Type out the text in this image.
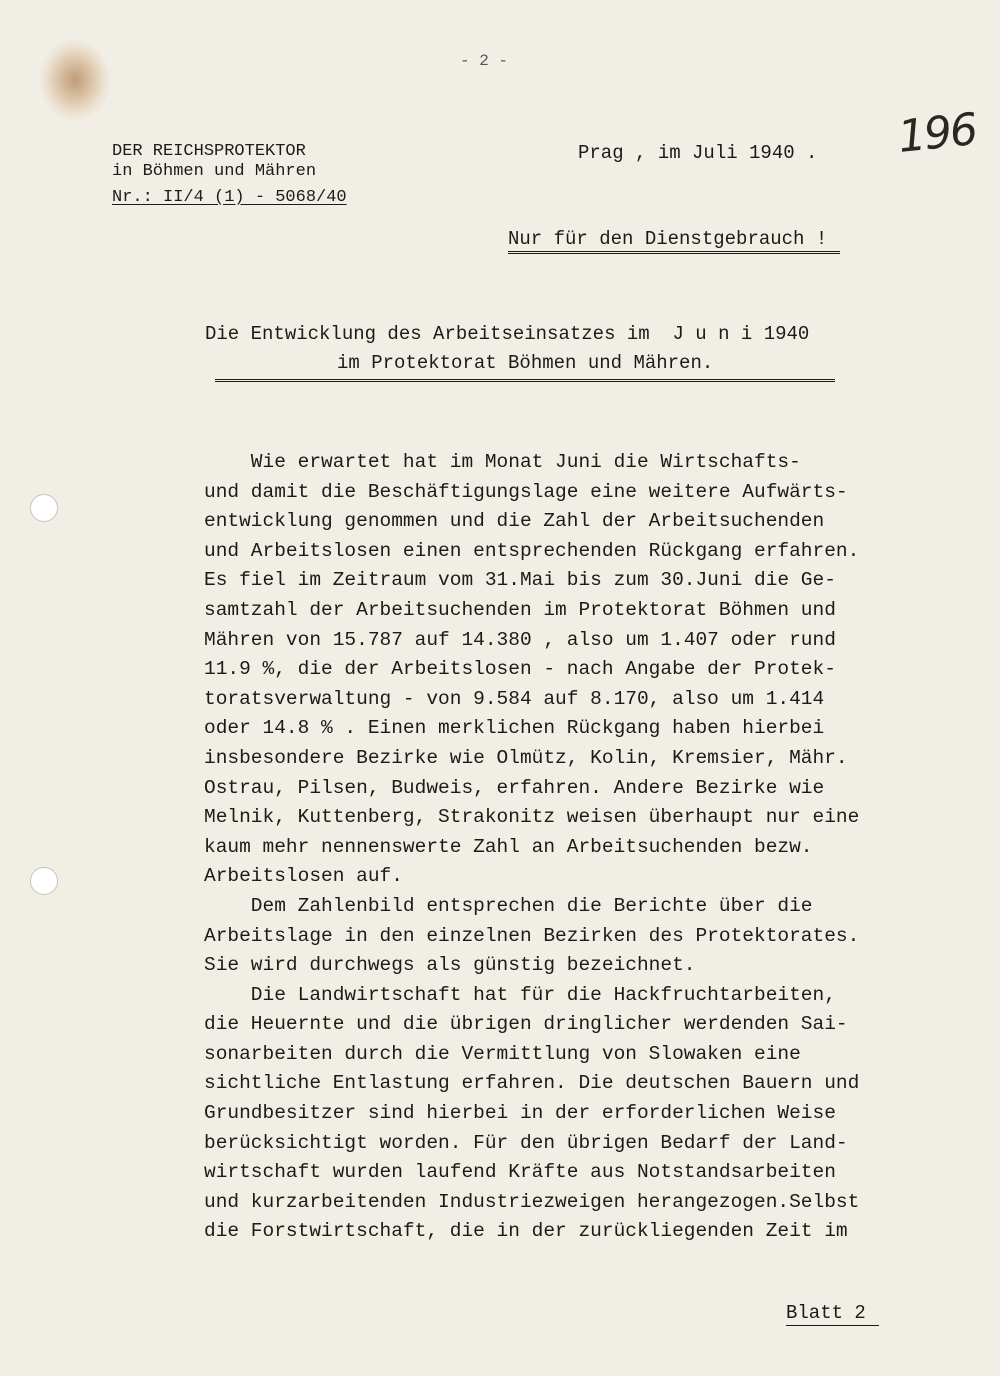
- 2 -
196
DER REICHSPROTEKTOR
in Böhmen und Mähren
Nr.: II/4 (1) - 5068/40
Prag , im Juli 1940 .
Nur für den Dienstgebrauch !
Die Entwicklung des Arbeitseinsatzes im  J u n i 1940
im Protektorat Böhmen und Mähren.
Wie erwartet hat im Monat Juni die Wirtschafts-
und damit die Beschäftigungslage eine weitere Aufwärts-
entwicklung genommen und die Zahl der Arbeitsuchenden
und Arbeitslosen einen entsprechenden Rückgang erfahren.
Es fiel im Zeitraum vom 31.Mai bis zum 30.Juni die Ge-
samtzahl der Arbeitsuchenden im Protektorat Böhmen und
Mähren von 15.787 auf 14.380 , also um 1.407 oder rund
11.9 %, die der Arbeitslosen - nach Angabe der Protek-
toratsverwaltung - von 9.584 auf 8.170, also um 1.414
oder 14.8 % . Einen merklichen Rückgang haben hierbei
insbesondere Bezirke wie Olmütz, Kolin, Kremsier, Mähr.
Ostrau, Pilsen, Budweis, erfahren. Andere Bezirke wie
Melnik, Kuttenberg, Strakonitz weisen überhaupt nur eine
kaum mehr nennenswerte Zahl an Arbeitsuchenden bezw.
Arbeitslosen auf.
Dem Zahlenbild entsprechen die Berichte über die
Arbeitslage in den einzelnen Bezirken des Protektorates.
Sie wird durchwegs als günstig bezeichnet.
Die Landwirtschaft hat für die Hackfruchtarbeiten,
die Heuernte und die übrigen dringlicher werdenden Sai-
sonarbeiten durch die Vermittlung von Slowaken eine
sichtliche Entlastung erfahren. Die deutschen Bauern und
Grundbesitzer sind hierbei in der erforderlichen Weise
berücksichtigt worden. Für den übrigen Bedarf der Land-
wirtschaft wurden laufend Kräfte aus Notstandsarbeiten
und kurzarbeitenden Industriezweigen herangezogen.Selbst
die Forstwirtschaft, die in der zurückliegenden Zeit im
Blatt 2
